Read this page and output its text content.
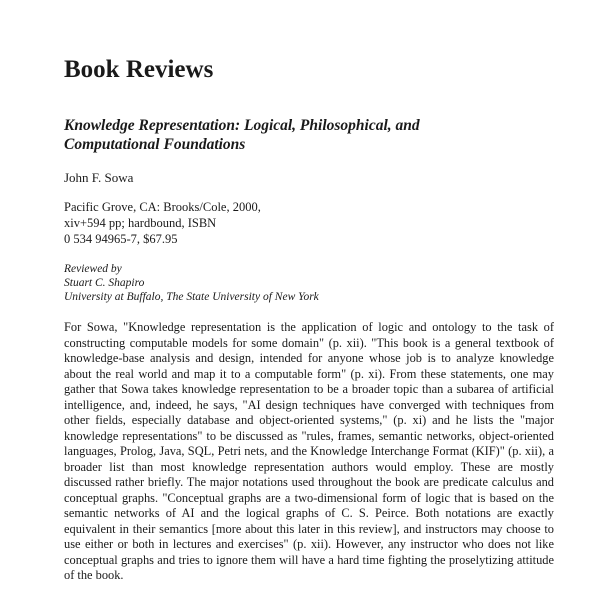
Book Reviews
Knowledge Representation: Logical, Philosophical, and
Computational Foundations

John F. Sowa

Pacific Grove, CA: Brooks/Cole, 2000,
xiv+594 pp; hardbound, ISBN
0 534 94965-7, $67.95
Reviewed by
Stuart C. Shapiro
University at Buffalo, The State University of New York

For Sowa, "Knowledge representation is the application of logic and ontology to the task of constructing computable models for some domain" (p. xii). "This book is a general textbook of knowledge-base analysis and design, intended for anyone whose job is to analyze knowledge about the real world and map it to a computable form" (p. xi). From these statements, one may gather that Sowa takes knowledge representation to be a broader topic than a subarea of artificial intelligence, and, indeed, he says, "AI design techniques have converged with techniques from other fields, especially database and object-oriented systems," (p. xi) and he lists the "major knowledge representations" to be discussed as "rules, frames, semantic networks, object-oriented languages, Prolog, Java, SQL, Petri nets, and the Knowledge Interchange Format (KIF)" (p. xii), a broader list than most knowledge representation authors would employ. These are mostly discussed rather briefly. The major notations used throughout the book are predicate calculus and conceptual graphs. "Conceptual graphs are a two-dimensional form of logic that is based on the semantic networks of AI and the logical graphs of C. S. Peirce. Both notations are exactly equivalent in their semantics [more about this later in this review], and instructors may choose to use either or both in lectures and exercises" (p. xii). However, any instructor who does not like conceptual graphs and tries to ignore them will have a hard time fighting the proselytizing attitude of the book.
